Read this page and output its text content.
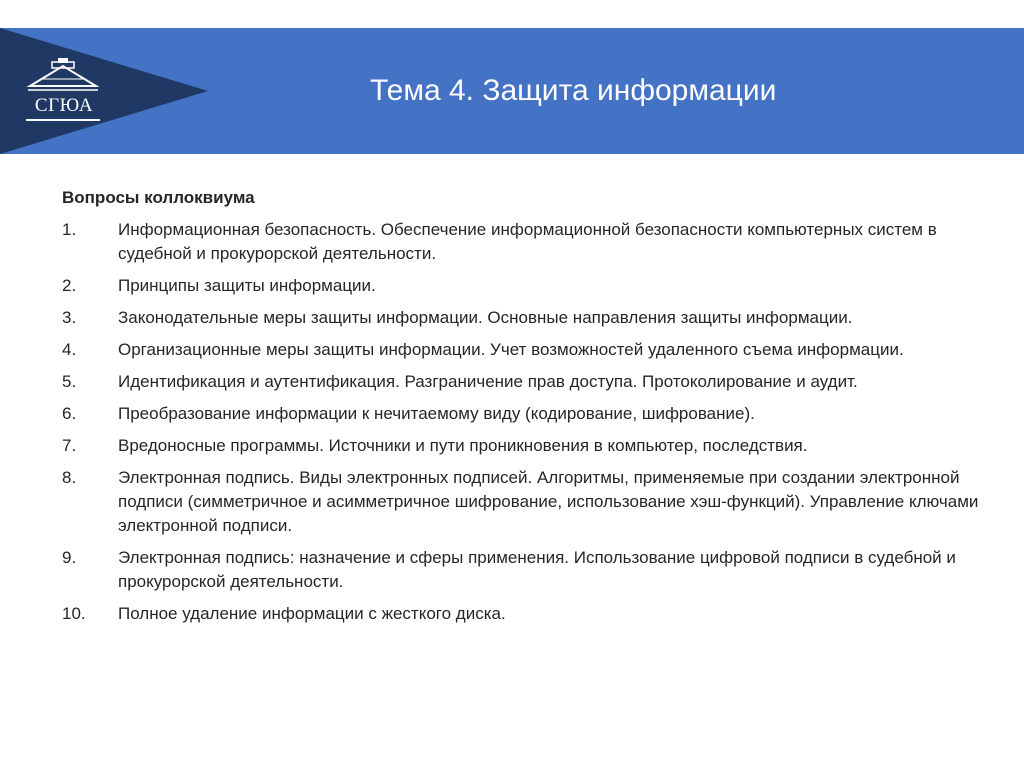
СГЮА	Тема 4. Защита информации
Вопросы коллоквиума
1.	Информационная безопасность. Обеспечение информационной безопасности компьютерных систем в судебной и прокурорской деятельности.
2.	Принципы защиты информации.
3.	Законодательные меры защиты информации. Основные направления защиты информации.
4.	Организационные меры защиты информации. Учет возможностей удаленного съема информации.
5.	Идентификация и аутентификация. Разграничение прав доступа. Протоколирование и аудит.
6.	Преобразование информации к нечитаемому виду (кодирование, шифрование).
7.	Вредоносные программы. Источники и пути проникновения в компьютер, последствия.
8.	Электронная подпись. Виды электронных подписей. Алгоритмы, применяемые при создании электронной подписи (симметричное и асимметричное шифрование, использование хэш-функций). Управление ключами электронной подписи.
9.	Электронная подпись: назначение и сферы применения. Использование цифровой подписи в судебной и прокурорской деятельности.
10.	Полное удаление информации с жесткого диска.
